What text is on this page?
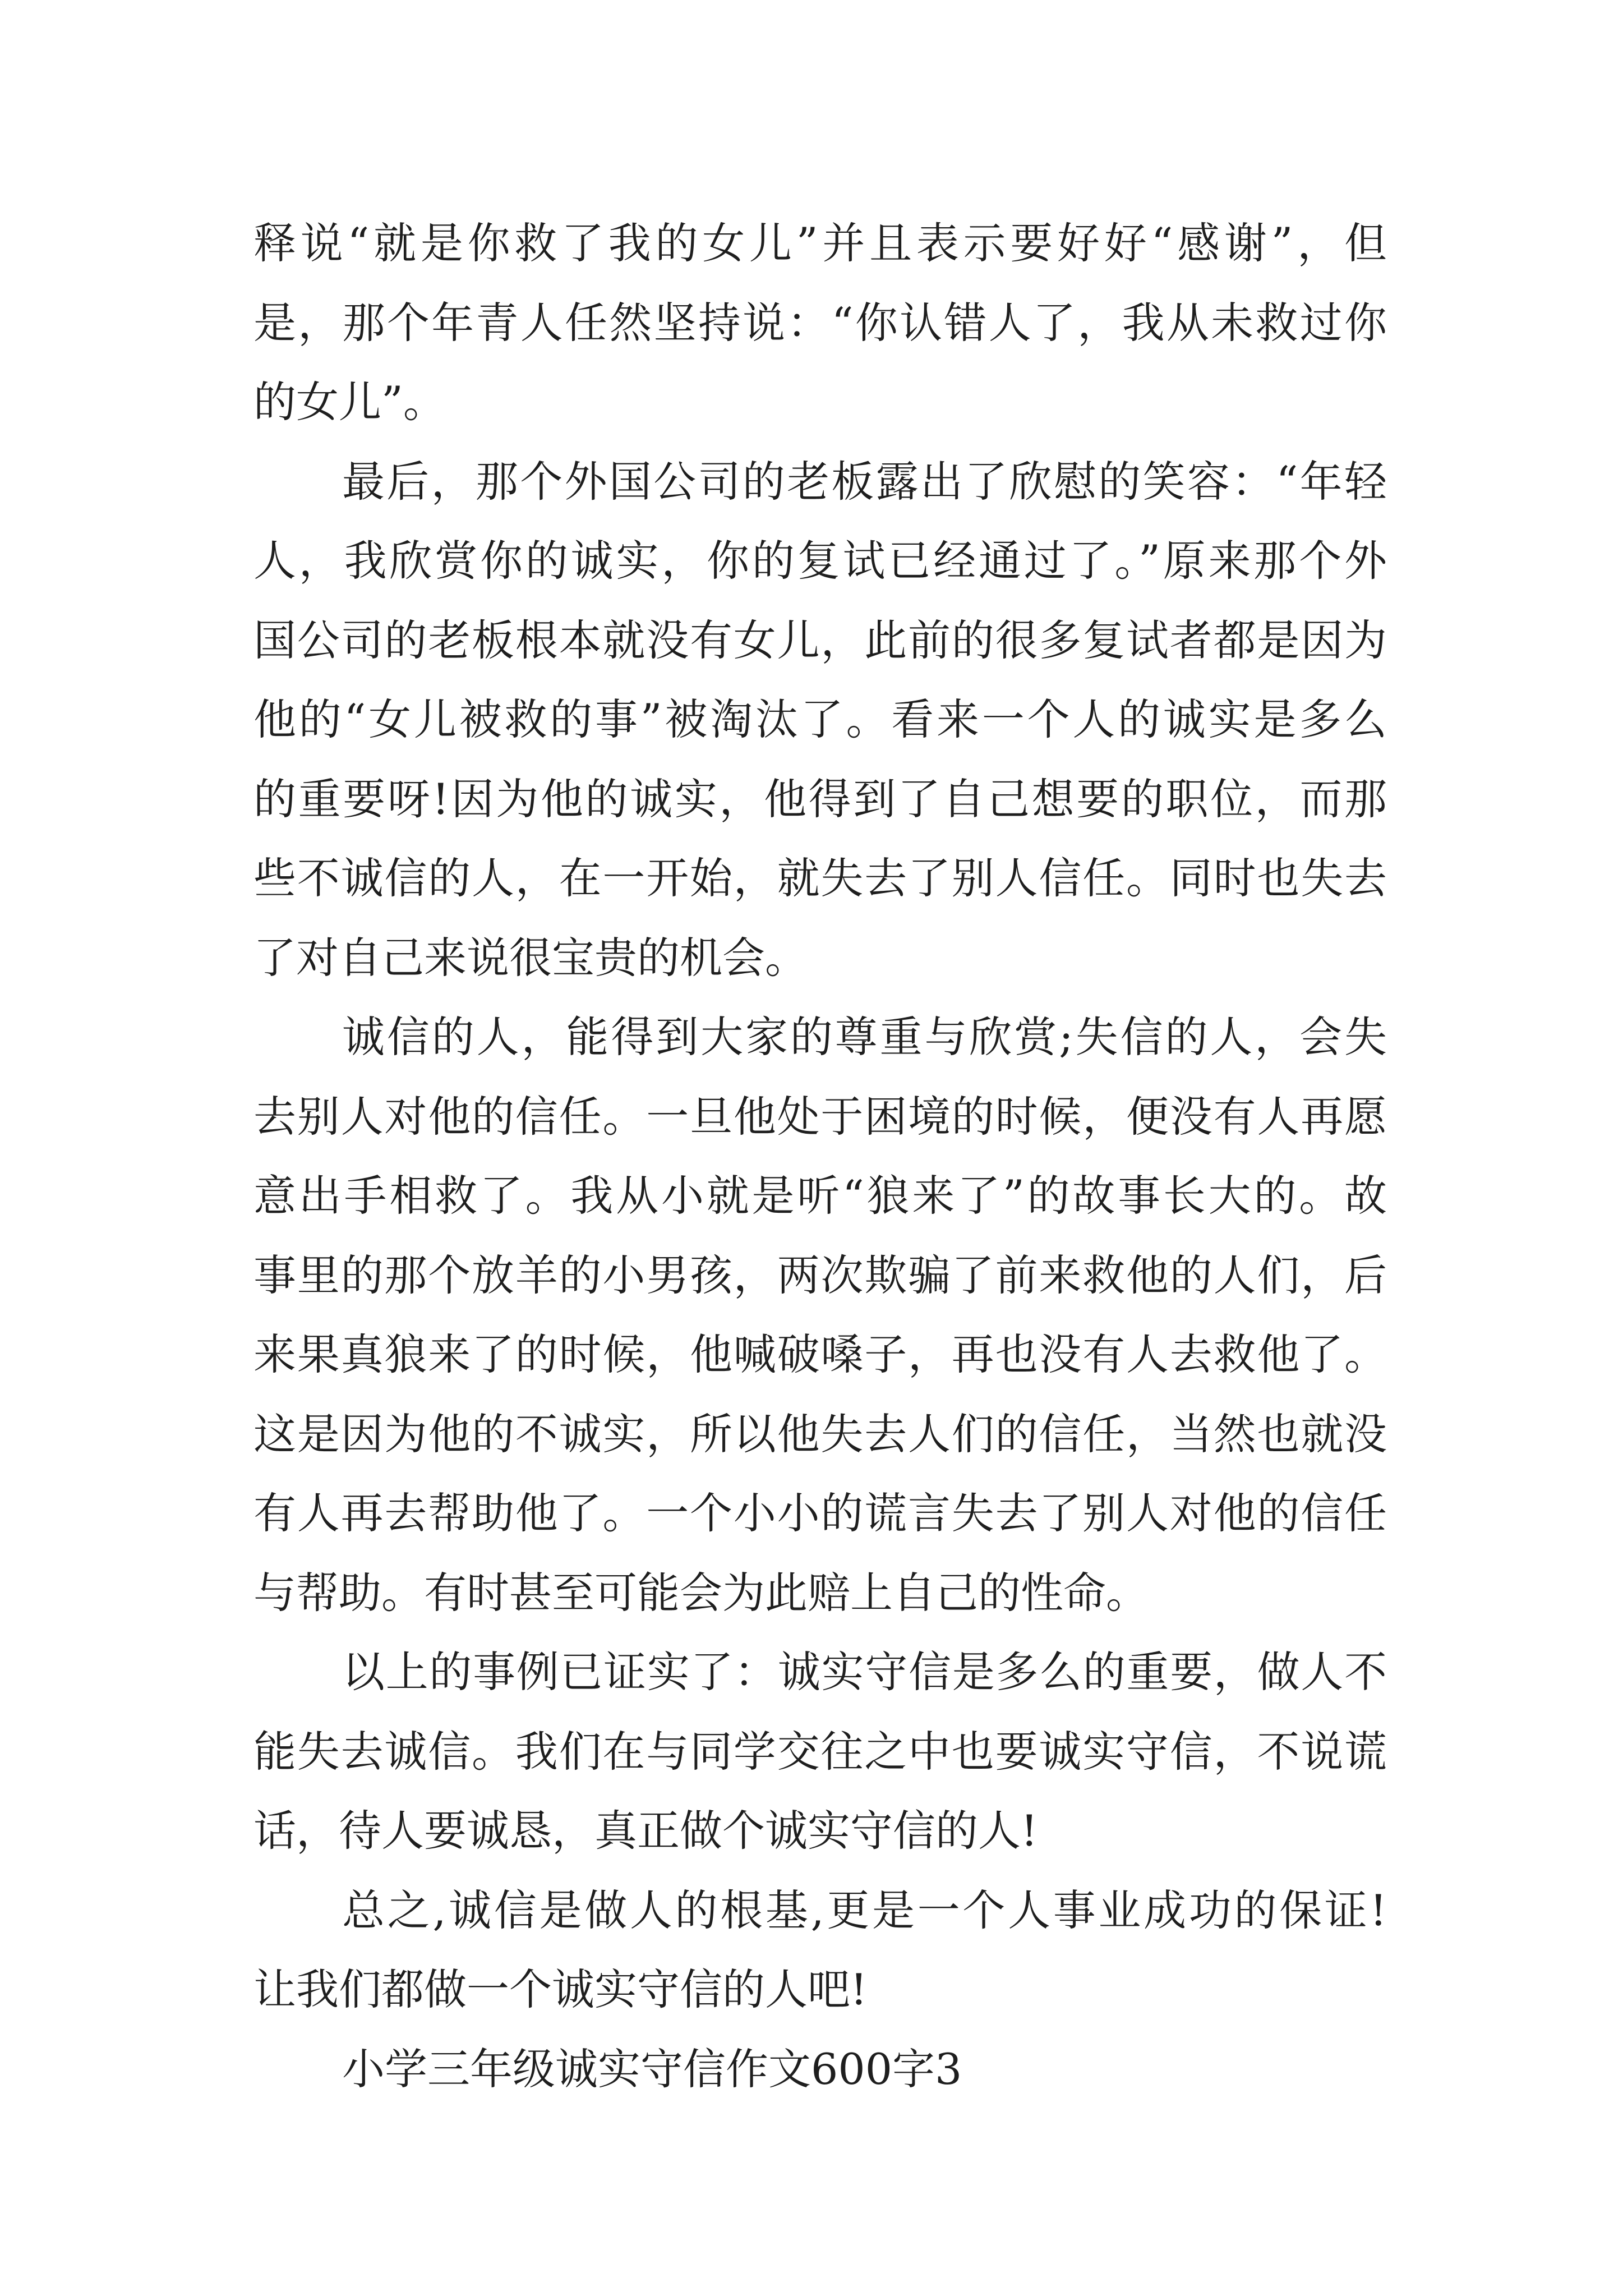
释说“就是你救了我的女儿”并且表示要好好“感谢”，但
是，那个年青人任然坚持说：“你认错人了，我从未救过你
的女儿”。
最后，那个外国公司的老板露出了欣慰的笑容：“年轻
人，我欣赏你的诚实，你的复试已经通过了。”原来那个外
国公司的老板根本就没有女儿，此前的很多复试者都是因为
他的“女儿被救的事”被淘汰了。看来一个人的诚实是多么
的重要呀!因为他的诚实，他得到了自己想要的职位，而那
些不诚信的人，在一开始，就失去了别人信任。同时也失去
了对自己来说很宝贵的机会。
诚信的人，能得到大家的尊重与欣赏;失信的人，会失
去别人对他的信任。一旦他处于困境的时候，便没有人再愿
意出手相救了。我从小就是听“狼来了”的故事长大的。故
事里的那个放羊的小男孩，两次欺骗了前来救他的人们，后
来果真狼来了的时候，他喊破嗓子，再也没有人去救他了。
这是因为他的不诚实，所以他失去人们的信任，当然也就没
有人再去帮助他了。一个小小的谎言失去了别人对他的信任
与帮助。有时甚至可能会为此赔上自己的性命。
以上的事例已证实了：诚实守信是多么的重要，做人不
能失去诚信。我们在与同学交往之中也要诚实守信，不说谎
话，待人要诚恳，真正做个诚实守信的人!
总之,诚信是做人的根基,更是一个人事业成功的保证!
让我们都做一个诚实守信的人吧!
小学三年级诚实守信作文600字3
